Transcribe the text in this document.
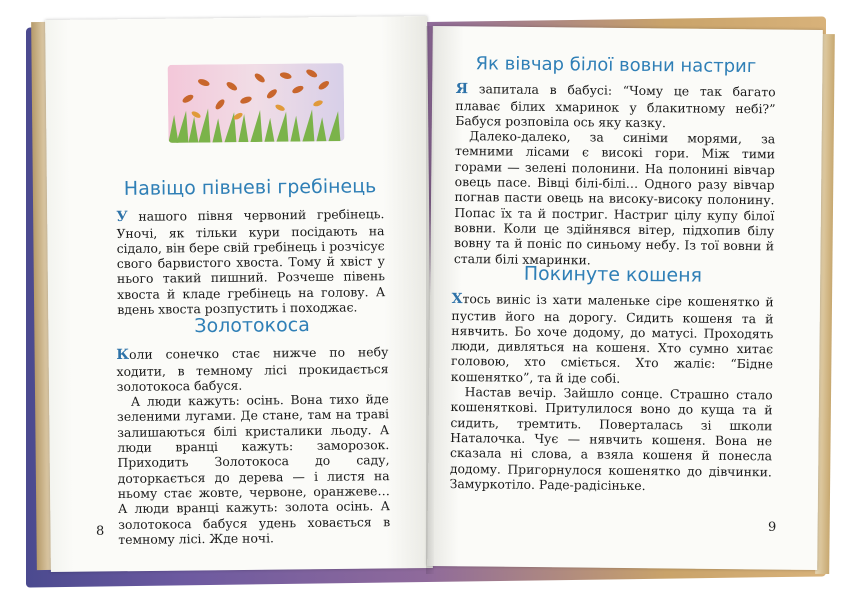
Навіщо півневі гребінець

У нашого півня червоний гребінець. Уночі, як тільки кури посідають на сідало, він бере свій гребінець і розчісує свого барвистого хвоста. Тому й хвіст у нього такий пишний. Розчеше півень хвоста й кладе гребінець на голову. А вдень хвоста розпустить і походжає.

Золотокоса

Коли сонечко стає нижче по небу ходити, в темному лісі прокидається золотокоса бабуся.

А люди кажуть: осінь. Вона тихо йде зеленими лугами. Де стане, там на траві залишаються білі кристалики льоду. А люди вранці кажуть: заморозок. Приходить Золотокоса до саду, доторкається до дерева — і листя на ньому стає жовте, червоне, оранжеве… А люди вранці кажуть: золота осінь. А золотокоса бабуся удень ховається в темному лісі. Жде ночі.

8
Як вівчар білої вовни настриг

Я запитала в бабусі: “Чому це так багато плаває білих хмаринок у блакитному небі?” Бабуся розповіла ось яку казку.

Далеко-далеко, за синіми морями, за темними лісами є високі гори. Між тими горами — зелені полонини. На полонині вівчар овець пасе. Вівці білі-білі… Одного разу вівчар погнав пасти овець на високу-високу полонину. Попас їх та й постриг. Настриг цілу купу білої вовни. Коли це здійнявся вітер, підхопив білу вовну та й поніс по синьому небу. Із тої вовни й стали білі хмаринки.

Покинуте кошеня

Хтось виніс із хати маленьке сіре кошенятко й пустив його на дорогу. Сидить кошеня та й нявчить. Бо хоче додому, до матусі. Проходять люди, дивляться на кошеня. Хто сумно хитає головою, хто сміється. Хто жаліє: “Бідне кошенятко”, та й іде собі.

Настав вечір. Зайшло сонце. Страшно стало кошеняткові. Притулилося воно до куща та й сидить, тремтить. Поверталась зі школи Наталочка. Чує — нявчить кошеня. Вона не сказала ні слова, а взяла кошеня й понесла додому. Пригорнулося кошенятко до дівчинки. Замуркотіло. Раде-радісіньке.

9
